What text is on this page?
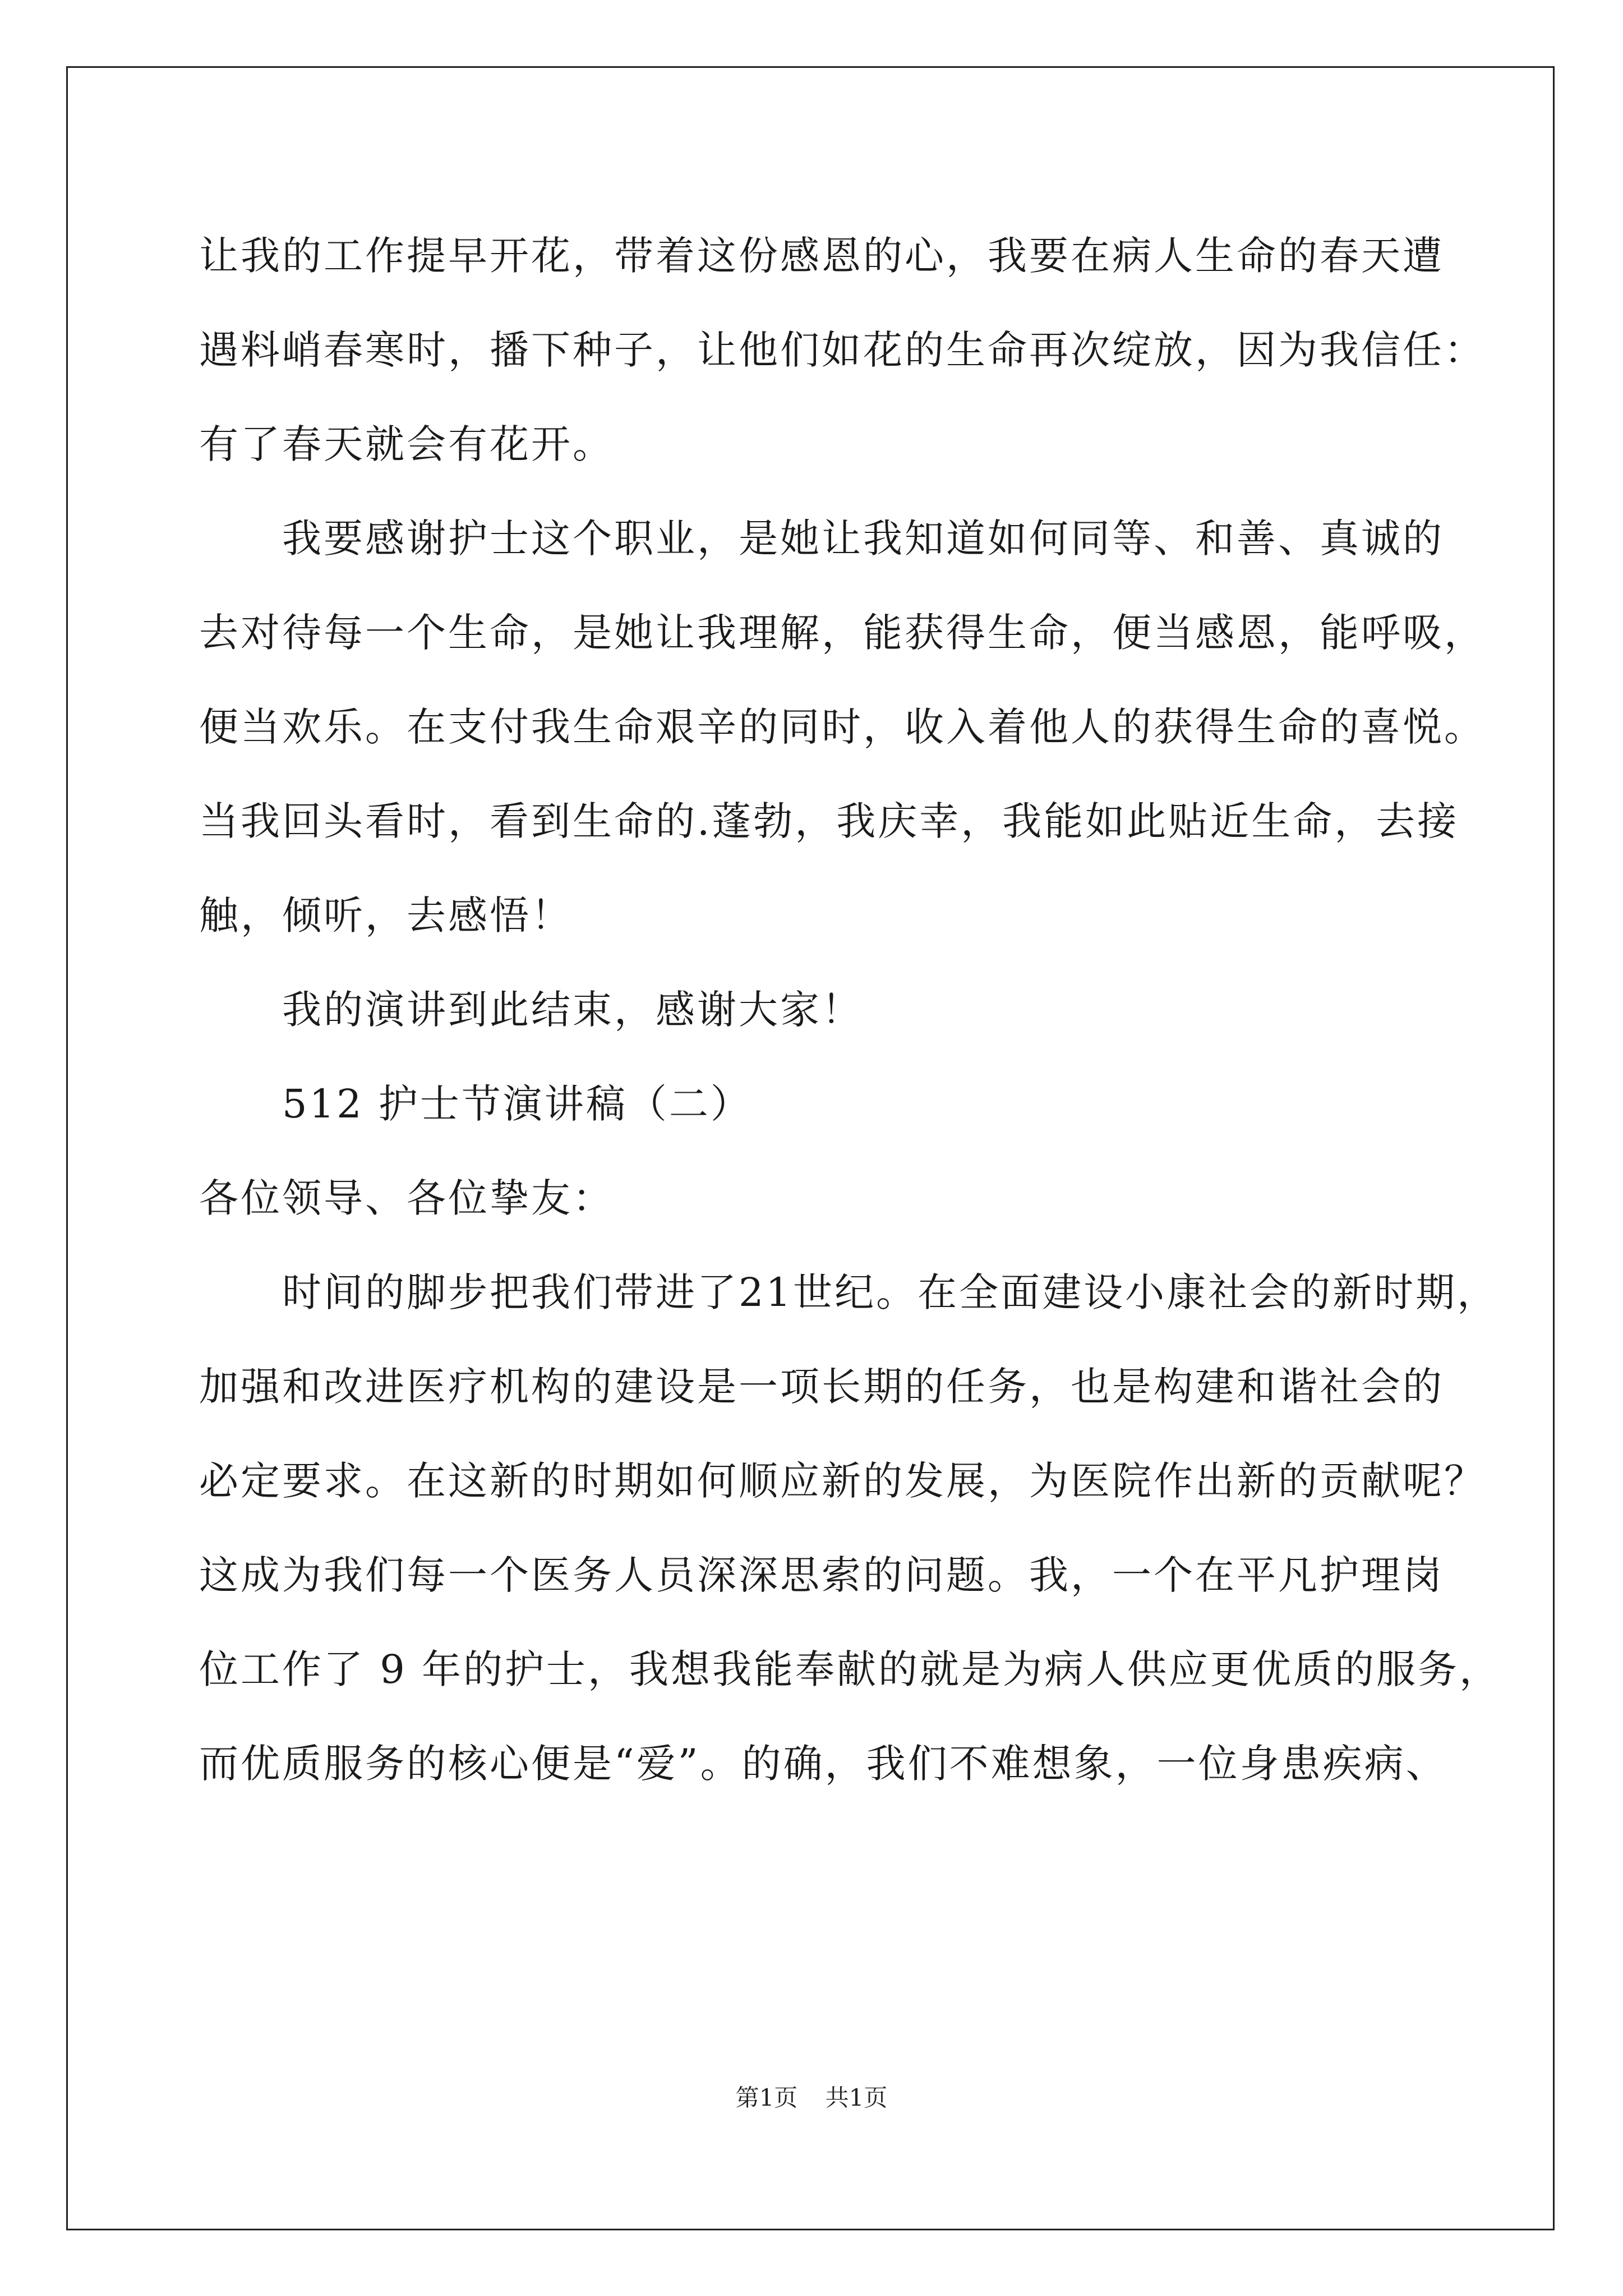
让我的工作提早开花，带着这份感恩的心，我要在病人生命的春天遭
遇料峭春寒时，播下种子，让他们如花的生命再次绽放，因为我信任：
有了春天就会有花开。
我要感谢护士这个职业，是她让我知道如何同等、和善、真诚的
去对待每一个生命，是她让我理解，能获得生命，便当感恩，能呼吸，
便当欢乐。在支付我生命艰辛的同时，收入着他人的获得生命的喜悦。
当我回头看时，看到生命的.蓬勃，我庆幸，我能如此贴近生命，去接
触，倾听，去感悟！
我的演讲到此结束，感谢大家！
512 护士节演讲稿（二）
各位领导、各位挚友：
时间的脚步把我们带进了21世纪。在全面建设小康社会的新时期，
加强和改进医疗机构的建设是一项长期的任务，也是构建和谐社会的
必定要求。在这新的时期如何顺应新的发展，为医院作出新的贡献呢？
这成为我们每一个医务人员深深思索的问题。我，一个在平凡护理岗
位工作了 9 年的护士，我想我能奉献的就是为病人供应更优质的服务，
而优质服务的核心便是“爱”。的确，我们不难想象，一位身患疾病、
第1页 共1页
